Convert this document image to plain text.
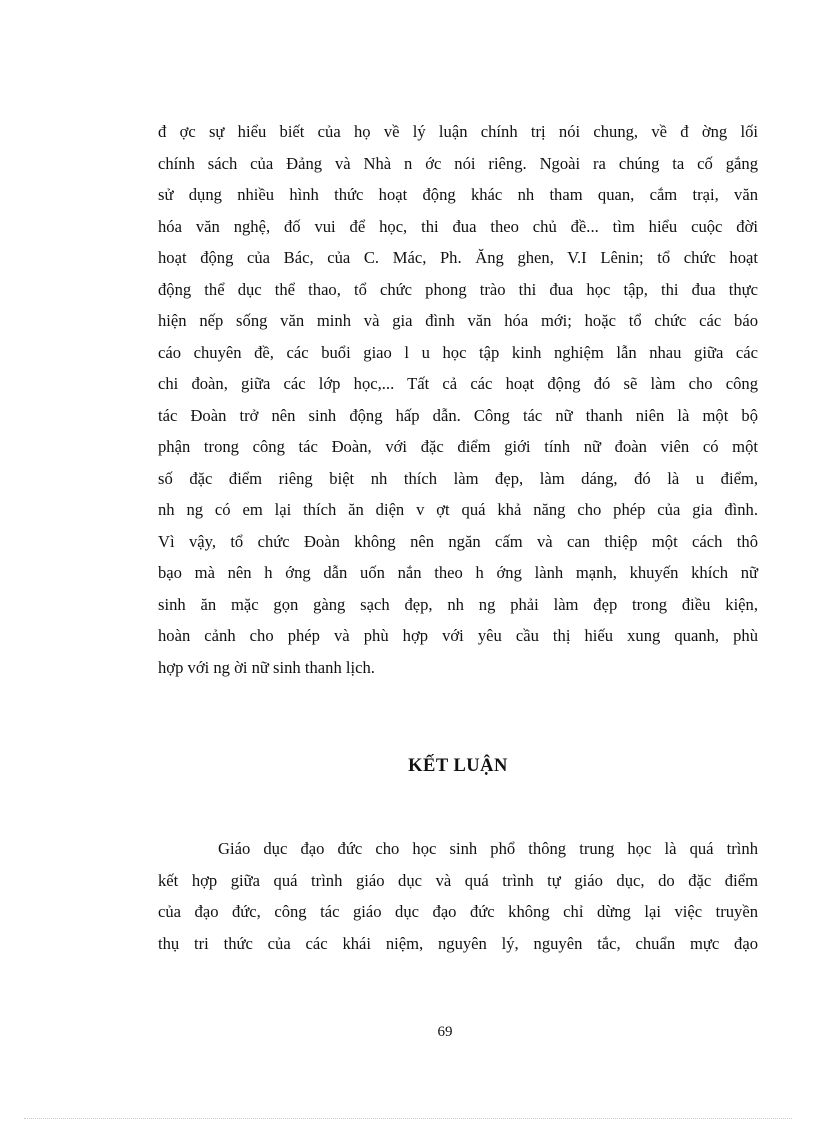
đ ợc sự hiểu biết của họ về lý luận chính trị nói chung, về đ ờng lối
chính sách của Đảng và Nhà n ớc nói riêng. Ngoài ra chúng ta cố gắng
sử dụng nhiều hình thức hoạt động khác nh tham quan, cắm trại, văn
hóa văn nghệ, đố vui để học, thi đua theo chủ đề... tìm hiểu cuộc đời
hoạt động của Bác, của C. Mác, Ph. Ăng ghen, V.I Lênin; tổ chức hoạt
động thể dục thể thao, tổ chức phong trào thi đua học tập, thi đua thực
hiện nếp sống văn minh và gia đình văn hóa mới; hoặc tổ chức các báo
cáo chuyên đề, các buổi giao l u học tập kinh nghiệm lẫn nhau giữa các
chi đoàn, giữa các lớp học,... Tất cả các hoạt động đó sẽ làm cho công
tác Đoàn trở nên sinh động hấp dẫn. Công tác nữ thanh niên là một bộ
phận trong công tác Đoàn, với đặc điểm giới tính nữ đoàn viên có một
số đặc điểm riêng biệt nh thích làm đẹp, làm dáng, đó là u điểm,
nh ng có em lại thích ăn diện v ợt quá khả năng cho phép của gia đình.
Vì vậy, tổ chức Đoàn không nên ngăn cấm và can thiệp một cách thô
bạo mà nên h ớng dẫn uốn nắn theo h ớng lành mạnh, khuyến khích nữ
sinh ăn mặc gọn gàng sạch đẹp, nh ng phải làm đẹp trong điều kiện,
hoàn cảnh cho phép và phù hợp với yêu cầu thị hiếu xung quanh, phù
hợp với ng ời nữ sinh thanh lịch.

KẾT LUẬN

Giáo dục đạo đức cho học sinh phổ thông trung học là quá trình
kết hợp giữa quá trình giáo dục và quá trình tự giáo dục, do đặc điểm
của đạo đức, công tác giáo dục đạo đức không chỉ dừng lại việc truyền
thụ tri thức của các khái niệm, nguyên lý, nguyên tắc, chuẩn mực đạo

69
